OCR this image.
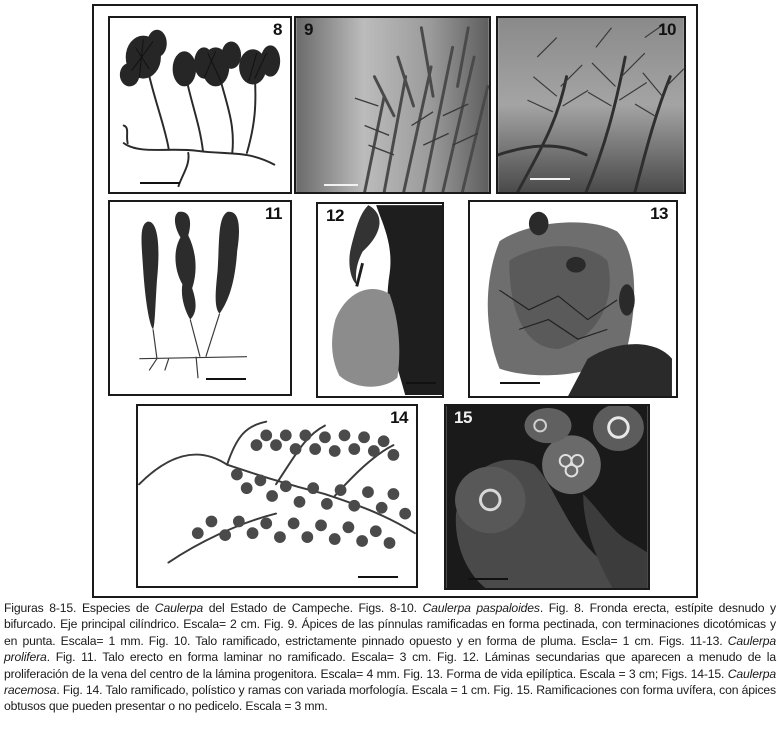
8 9	10
11	12	13
14	15
Figuras 8-15. Especies de Caulerpa del Estado de Campeche. Figs. 8-10. Caulerpa paspaloides. Fig. 8. Fronda erecta, estípite desnudo y bifurcado. Eje principal cilíndrico. Escala= 2 cm. Fig. 9. Ápices de las pínnulas ramificadas en forma pectinada, con terminaciones dicotómicas y en punta. Escala= 1 mm. Fig. 10. Talo ramificado, estrictamente pinnado opuesto y en forma de pluma. Escla= 1 cm. Figs. 11-13. Caulerpa prolifera. Fig. 11. Talo erecto en forma laminar no ramificado. Escala= 3 cm. Fig. 12. Láminas secundarias que aparecen a menudo de la proliferación de la vena del centro de la lámina progenitora. Escala= 4 mm. Fig. 13. Forma de vida epilíptica. Escala = 3 cm; Figs. 14-15. Caulerpa racemosa. Fig. 14. Talo ramificado, polístico y ramas con variada morfología. Escala = 1 cm. Fig. 15. Ramificaciones con forma uvífera, con ápices obtusos que pueden presentar o no pedicelo. Escala = 3 mm.
